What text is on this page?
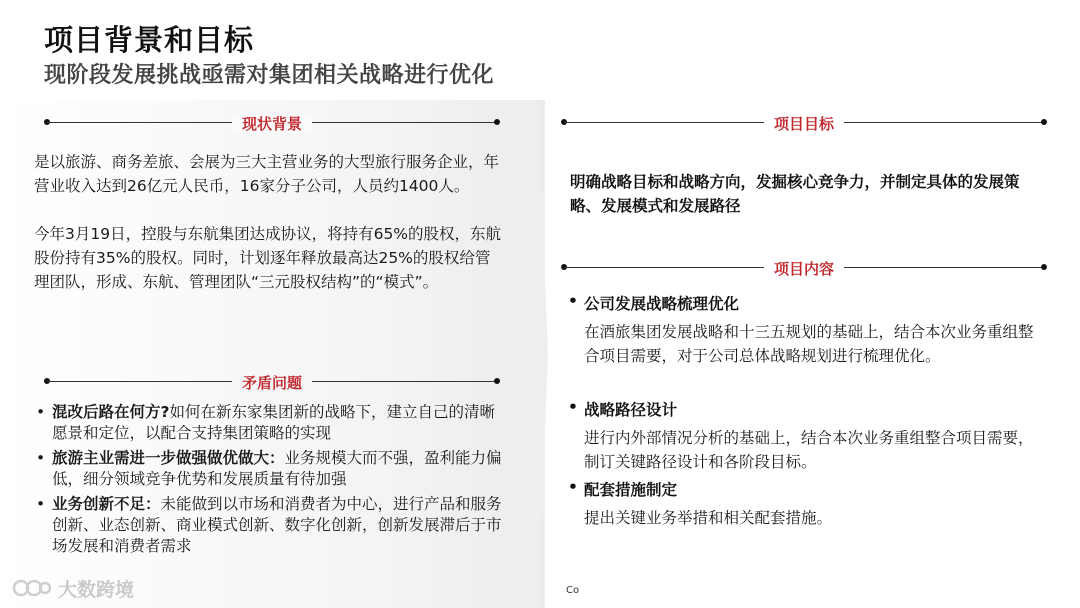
项目背景和目标
现阶段发展挑战亟需对集团相关战略进行优化
现状背景
是以旅游、商务差旅、会展为三大主营业务的大型旅行服务企业，年营业收入达到26亿元人民币，16家分子公司，人员约1400人。
今年3月19日，控股与东航集团达成协议，将持有65%的股权，东航股份持有35%的股权。同时，计划逐年释放最高达25%的股权给管理团队，形成、东航、管理团队“三元股权结构”的“模式”。
矛盾问题
• 混改后路在何方?如何在新东家集团新的战略下，建立自己的清晰愿景和定位，以配合支持集团策略的实现
• 旅游主业需进一步做强做优做大：业务规模大而不强，盈利能力偏低，细分领域竞争优势和发展质量有待加强
• 业务创新不足：未能做到以市场和消费者为中心，进行产品和服务创新、业态创新、商业模式创新、数字化创新，创新发展滞后于市场发展和消费者需求
项目目标
明确战略目标和战略方向，发掘核心竞争力，并制定具体的发展策略、发展模式和发展路径
项目内容
• 公司发展战略梳理优化
在酒旅集团发展战略和十三五规划的基础上，结合本次业务重组整合项目需要，对于公司总体战略规划进行梳理优化。
• 战略路径设计
进行内外部情况分析的基础上，结合本次业务重组整合项目需要，制订关键路径设计和各阶段目标。
• 配套措施制定
提出关键业务举措和相关配套措施。
大数跨境	Co
